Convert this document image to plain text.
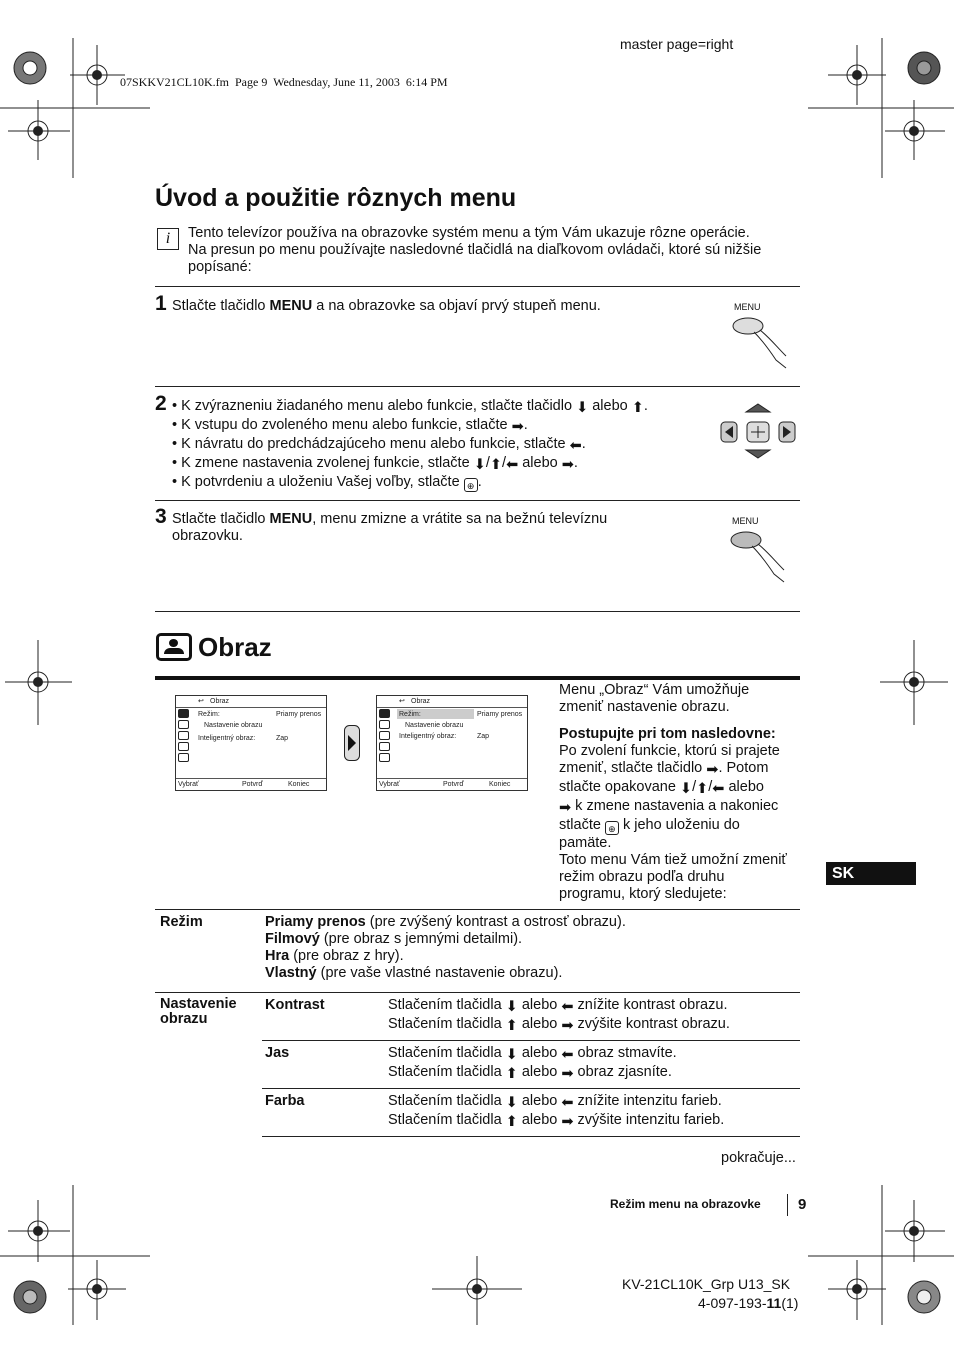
master page=right
07SKKV21CL10K.fm  Page 9  Wednesday, June 11, 2003  6:14 PM
Úvod a použitie rôznych menu
i	Tento televízor používa na obrazovke systém menu a tým Vám ukazuje rôzne operácie.
Na presun po menu používajte nasledovné tlačidlá na diaľkovom ovládači, ktoré sú nižšie
popísané:
1 Stlačte tlačidlo MENU a na obrazovke sa objaví prvý stupeň menu.	MENU
2 • K zvýrazneniu žiadaného menu alebo funkcie, stlačte tlačidlo ⬇ alebo ⬆.
• K vstupu do zvoleného menu alebo funkcie, stlačte ➡.
• K návratu do predchádzajúceho menu alebo funkcie, stlačte ⬅.
• K zmene nastavenia zvolenej funkcie, stlačte ⬇/⬆/⬅ alebo ➡.
• K potvrdeniu a uloženiu Vašej voľby, stlačte ⊕ .
3 Stlačte tlačidlo MENU, menu zmizne a vrátite sa na bežnú televíznu
obrazovku.
MENU
Obraz
SK
↩ Obraz
Režim:	Priamy prenos
Nastavenie obrazu
Inteligentný obraz:	Zap
Vybrať	Potvrď	Koniec
↩ Obraz
Režim:	Priamy prenos
Nastavenie obrazu
Inteligentný obraz:	Zap
Vybrať	Potvrď	Koniec
Menu „Obraz“ Vám umožňuje
zmeniť nastavenie obrazu.
Postupujte pri tom nasledovne:
Po zvolení funkcie, ktorú si prajete
zmeniť, stlačte tlačidlo ➡. Potom
stlačte opakovane ⬇/⬆/⬅ alebo
➡ k zmene nastavenia a nakoniec
stlačte ⊕ k jeho uloženiu do
pamäte.
Toto menu Vám tiež umožní zmeniť
režim obrazu podľa druhu
programu, ktorý sledujete:
Režim	Priamy prenos (pre zvýšený kontrast a ostrosť obrazu).
Filmový (pre obraz s jemnými detailmi).
Hra (pre obraz z hry).
Vlastný (pre vaše vlastné nastavenie obrazu).
Nastavenie
obrazu
Kontrast	Stlačením tlačidla ⬇ alebo ⬅ znížite kontrast obrazu.
Stlačením tlačidla ⬆ alebo ➡ zvýšite kontrast obrazu.
Jas	Stlačením tlačidla ⬇ alebo ⬅ obraz stmavíte.
Stlačením tlačidla ⬆ alebo ➡ obraz zjasníte.
Farba	Stlačením tlačidla ⬇ alebo ⬅ znížite intenzitu farieb.
Stlačením tlačidla ⬆ alebo ➡ zvýšite intenzitu farieb.
pokračuje...
Režim menu na obrazovke 9
KV-21CL10K_Grp U13_SK
4-097-193-11(1)
